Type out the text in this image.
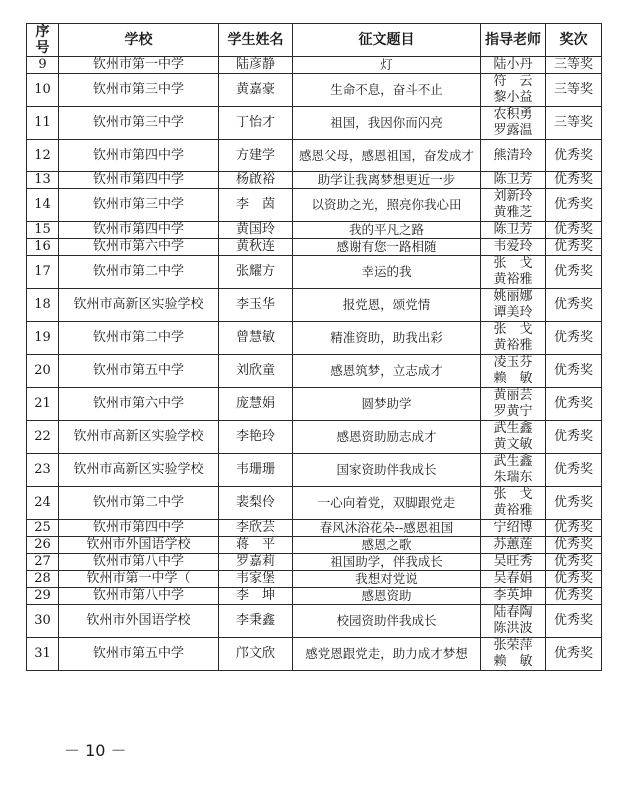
序号	学校	学生姓名	征文题目	指导老师	奖次
9	钦州市第一中学	陆彦静	灯	陆小丹	三等奖
10	钦州市第三中学	黄嘉豪	生命不息，奋斗不止	符　云
黎小益	三等奖
11	钦州市第三中学	丁怡才	祖国，我因你而闪亮	农积勇
罗露温	三等奖
12	钦州市第四中学	方建学	感恩父母，感恩祖国，奋发成才	熊清玲	优秀奖
13	钦州市第四中学	杨啟裕	助学让我离梦想更近一步	陈卫芳	优秀奖
14	钦州市第三中学	李　茵	以资助之光，照亮你我心田	刘新玲
黄雅芝	优秀奖
15	钦州市第四中学	黄国玲	我的平凡之路	陈卫芳	优秀奖
16	钦州市第六中学	黄秋连	感谢有您一路相随	韦爱玲	优秀奖
17	钦州市第二中学	张耀方	幸运的我	张　戈
黄裕雅	优秀奖
18	钦州市高新区实验学校	李玉华	报党恩，颂党情	姚丽娜
谭美玲	优秀奖
19	钦州市第二中学	曾慧敏	精准资助，助我出彩	张　戈
黄裕雅	优秀奖
20	钦州市第五中学	刘欣童	感恩筑梦，立志成才	凌玉芬
赖　敏	优秀奖
21	钦州市第六中学	庞慧娟	圆梦助学	黄丽芸
罗黄宁	优秀奖
22	钦州市高新区实验学校	李艳玲	感恩资助励志成才	武生鑫
黄文敏	优秀奖
23	钦州市高新区实验学校	韦珊珊	国家资助伴我成长	武生鑫
朱瑞东	优秀奖
24	钦州市第二中学	裴梨伶	一心向着党，双脚跟党走	张　戈
黄裕雅	优秀奖
25	钦州市第四中学	李欣芸	春风沐浴花朵--感恩祖国	宁绍博	优秀奖
26	钦州市外国语学校	蒋　平	感恩之歌	苏蕙莲	优秀奖
27	钦州市第八中学	罗嘉莉	祖国助学，伴我成长	吴旺秀	优秀奖
28	钦州市第一中学（	韦家堡	我想对党说	吴春娟	优秀奖
29	钦州市第八中学	李　坤	感恩资助	李英坤	优秀奖
30	钦州市外国语学校	李秉鑫	校园资助伴我成长	陆春陶
陈洪波	优秀奖
31	钦州市第五中学	邝文欣	感党恩跟党走，助力成才梦想	张荣萍
赖　敏	优秀奖
－ 10 －
